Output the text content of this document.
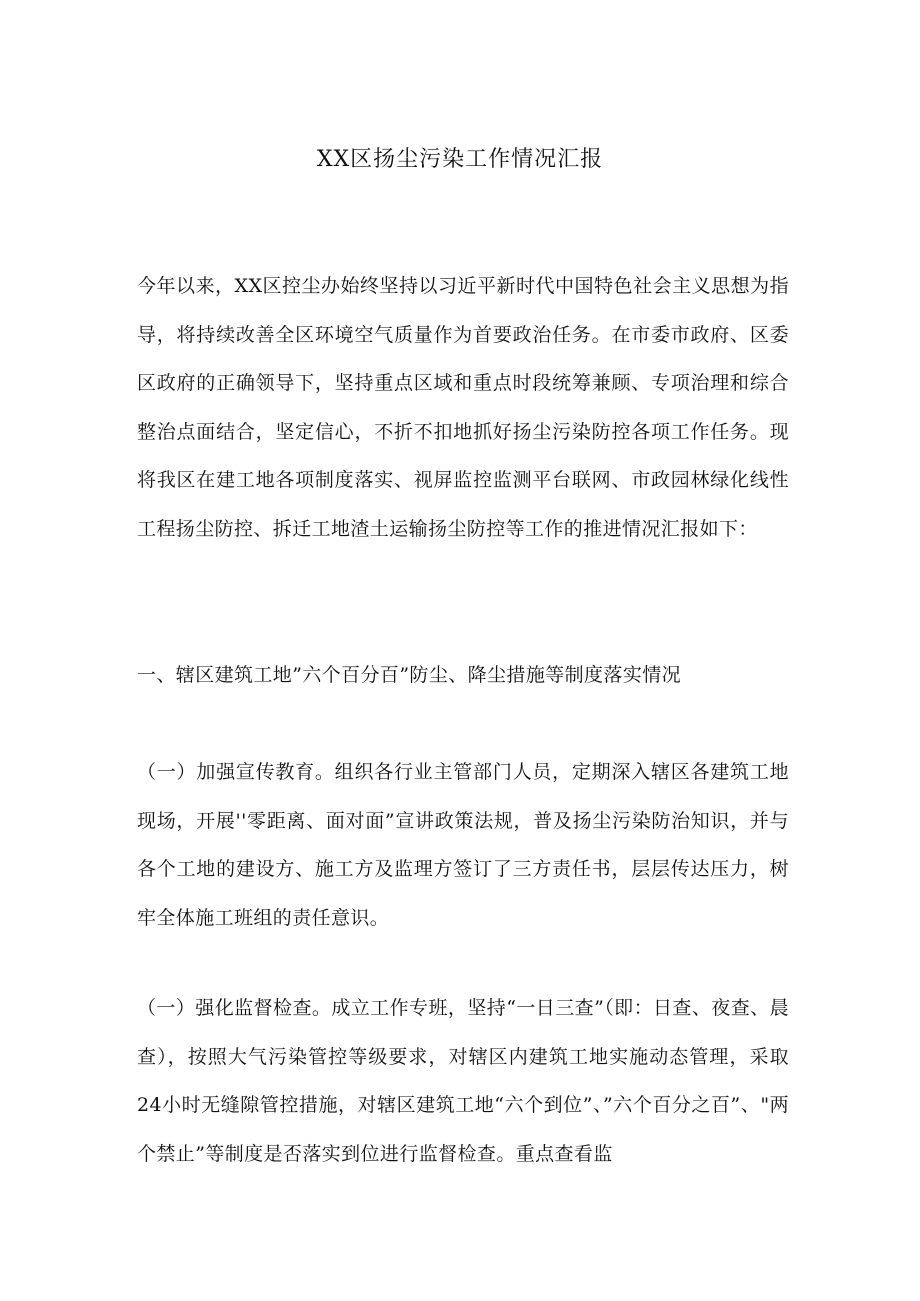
XX区扬尘污染工作情况汇报

今年以来，XX区控尘办始终坚持以习近平新时代中国特色社会主义思想为指导，将持续改善全区环境空气质量作为首要政治任务。在市委市政府、区委区政府的正确领导下，坚持重点区域和重点时段统筹兼顾、专项治理和综合整治点面结合，坚定信心，不折不扣地抓好扬尘污染防控各项工作任务。现将我区在建工地各项制度落实、视屏监控监测平台联网、市政园林绿化线性工程扬尘防控、拆迁工地渣土运输扬尘防控等工作的推进情况汇报如下：

一、辖区建筑工地”六个百分百”防尘、降尘措施等制度落实情况

（一）加强宣传教育。组织各行业主管部门人员，定期深入辖区各建筑工地现场，开展''零距离、面对面”宣讲政策法规，普及扬尘污染防治知识，并与各个工地的建设方、施工方及监理方签订了三方责任书，层层传达压力，树牢全体施工班组的责任意识。

（一）强化监督检查。成立工作专班，坚持“一日三查”（即：日查、夜查、晨查），按照大气污染管控等级要求，对辖区内建筑工地实施动态管理，采取24小时无缝隙管控措施，对辖区建筑工地“六个到位”、”六个百分之百”、"两个禁止”等制度是否落实到位进行监督检查。重点查看监
